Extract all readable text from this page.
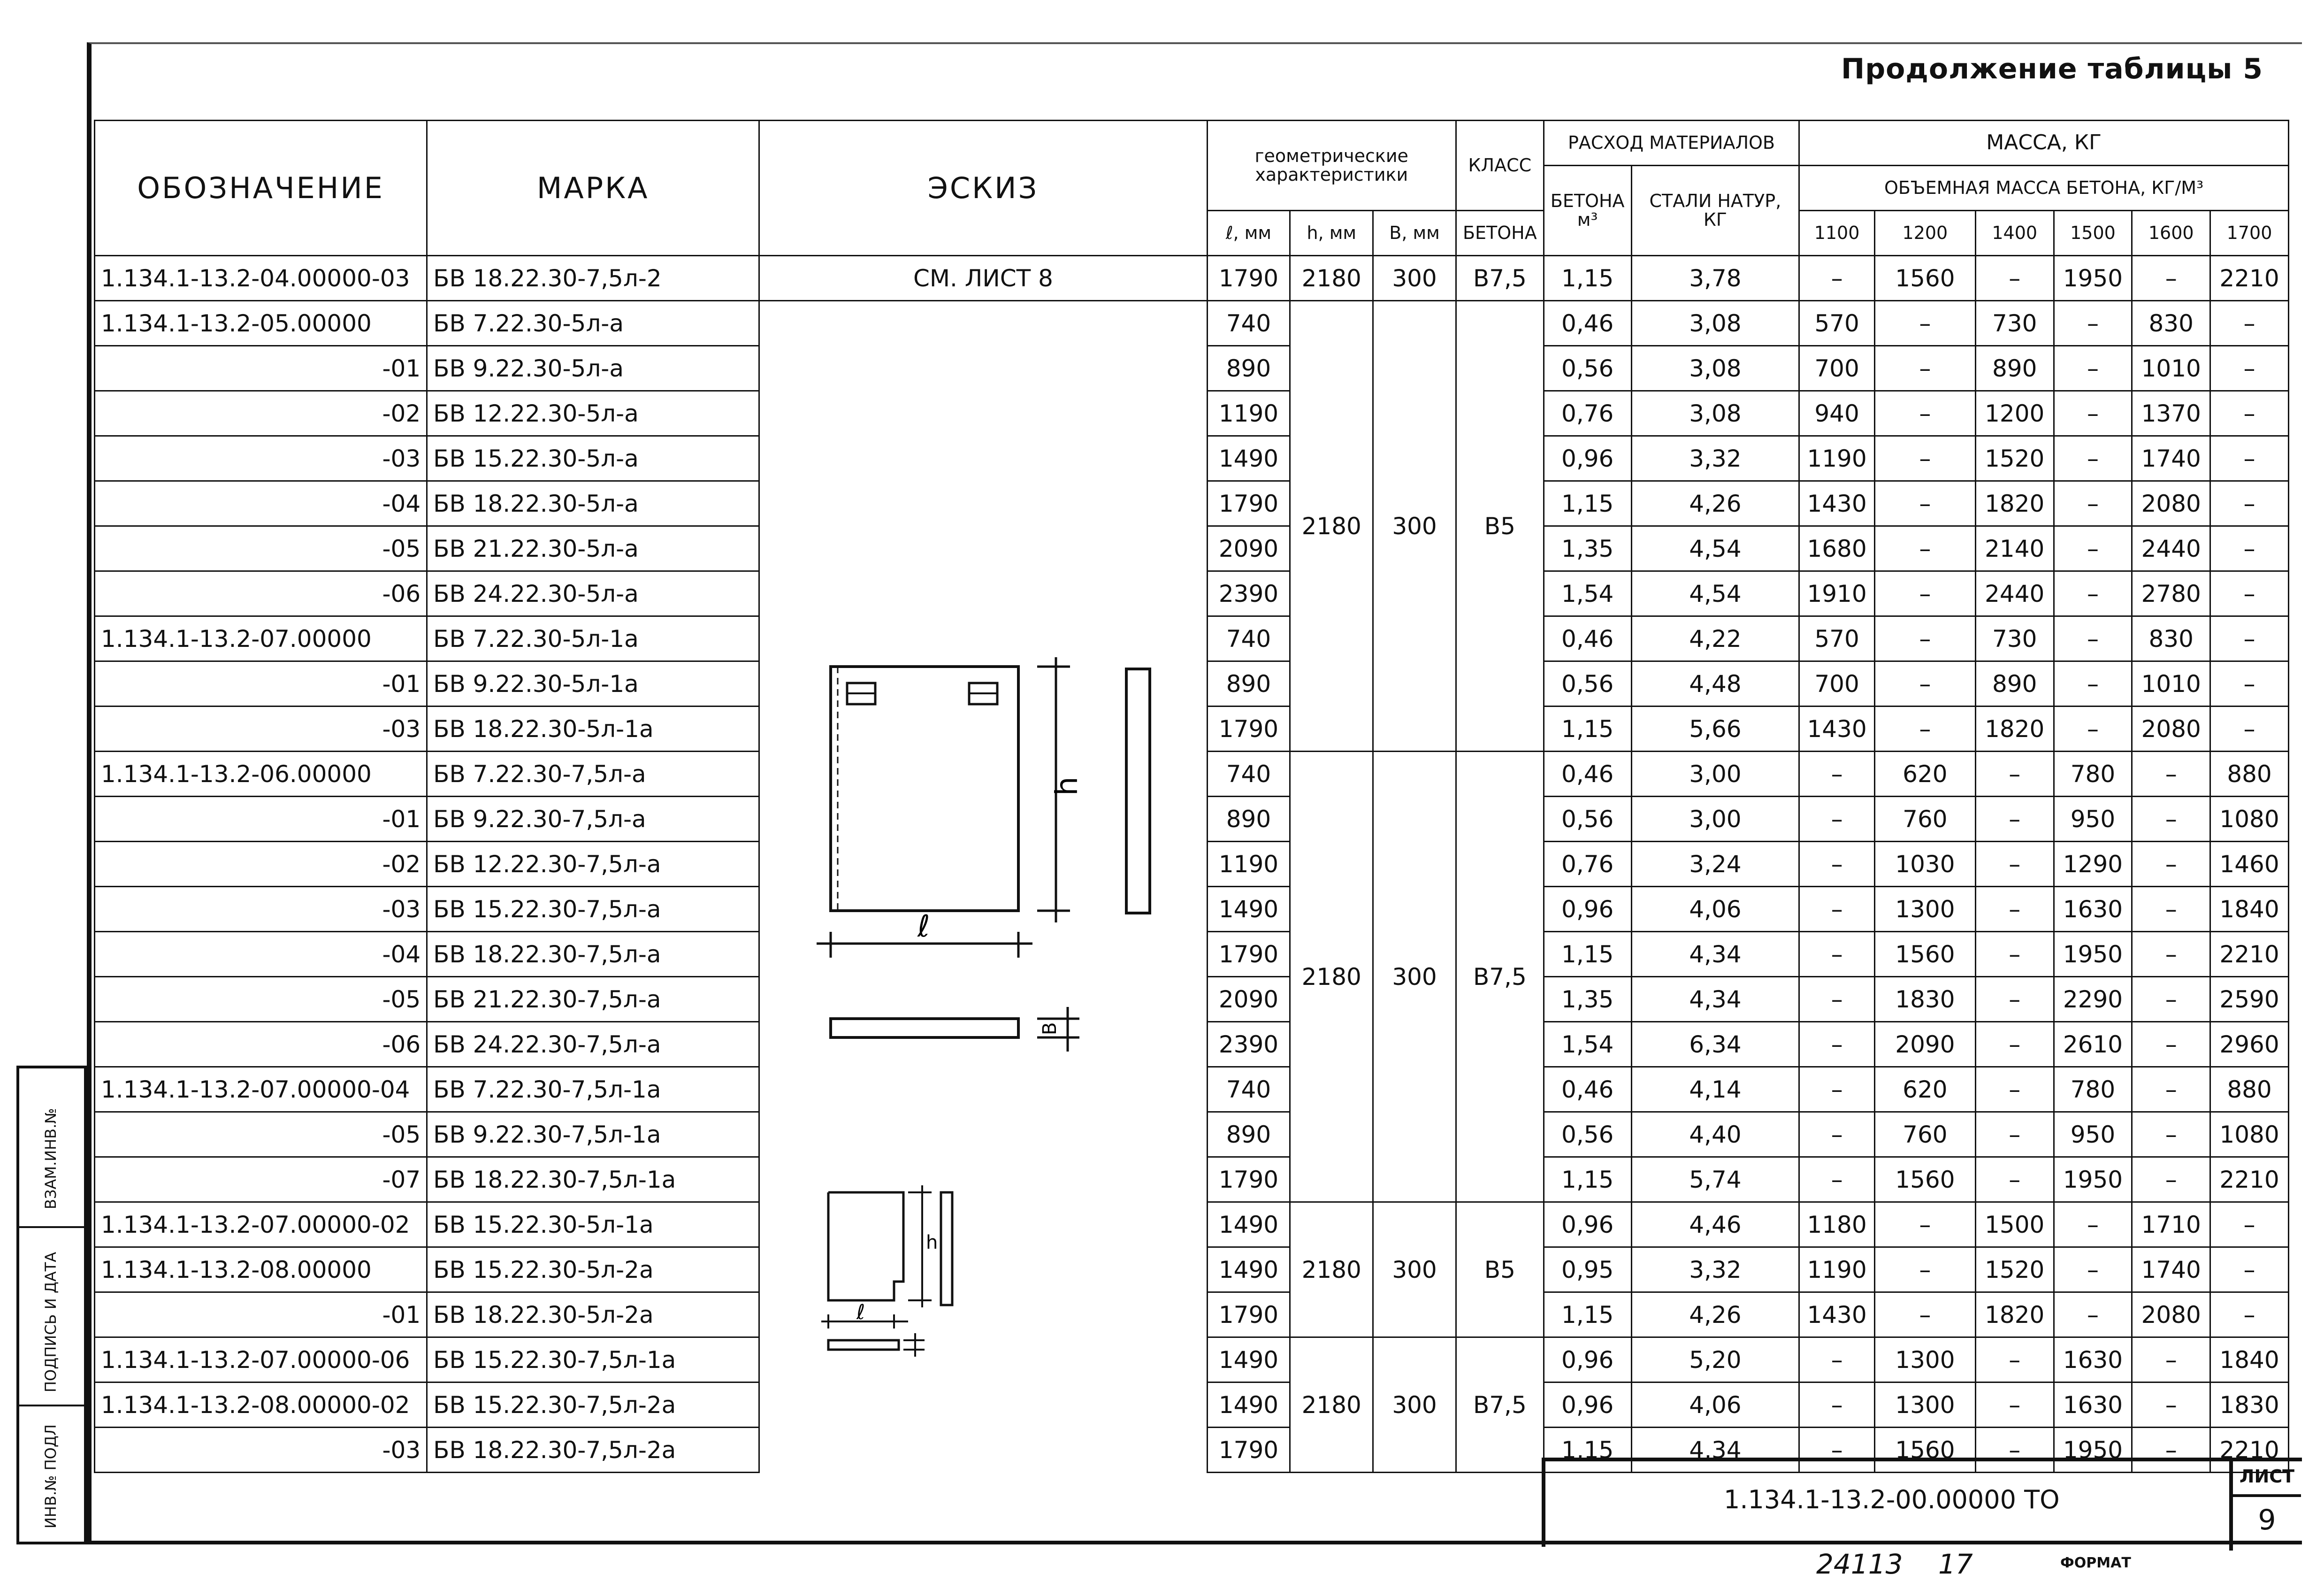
Продолжение таблицы 5
ОБОЗНАЧЕНИЕ	МАРКА	ЭСКИЗ	геометрические характеристики			КЛАСС	РАСХОД МАТЕРИАЛОВ		МАССА, КГ					
							БЕТОНА м³	СТАЛИ НАТУР, КГ	ОБЪЕМНАЯ МАССА БЕТОНА, КГ/М³					
			ℓ, мм	h, мм	B, мм	БЕТОНА			1100	1200	1400	1500	1600	1700
1.134.1-13.2-04.00000-03	БВ 18.22.30-7,5л-2	СМ. ЛИСТ 8	1790	2180	300	В7,5	1,15	3,78	–	1560	–	1950	–	2210
1.134.1-13.2-05.00000	БВ 7.22.30-5л-а		740	2180	300	В5	0,46	3,08	570	–	730	–	830	–
-01	БВ 9.22.30-5л-а		890				0,56	3,08	700	–	890	–	1010	–
-02	БВ 12.22.30-5л-а		1190				0,76	3,08	940	–	1200	–	1370	–
-03	БВ 15.22.30-5л-а		1490				0,96	3,32	1190	–	1520	–	1740	–
-04	БВ 18.22.30-5л-а		1790				1,15	4,26	1430	–	1820	–	2080	–
-05	БВ 21.22.30-5л-а		2090				1,35	4,54	1680	–	2140	–	2440	–
-06	БВ 24.22.30-5л-а		2390				1,54	4,54	1910	–	2440	–	2780	–
1.134.1-13.2-07.00000	БВ 7.22.30-5л-1а		740				0,46	4,22	570	–	730	–	830	–
-01	БВ 9.22.30-5л-1а		890				0,56	4,48	700	–	890	–	1010	–
-03	БВ 18.22.30-5л-1а		1790				1,15	5,66	1430	–	1820	–	2080	–
1.134.1-13.2-06.00000	БВ 7.22.30-7,5л-а		740	2180	300	В7,5	0,46	3,00	–	620	–	780	–	880
-01	БВ 9.22.30-7,5л-а		890				0,56	3,00	–	760	–	950	–	1080
-02	БВ 12.22.30-7,5л-а		1190				0,76	3,24	–	1030	–	1290	–	1460
-03	БВ 15.22.30-7,5л-а		1490				0,96	4,06	–	1300	–	1630	–	1840
-04	БВ 18.22.30-7,5л-а		1790				1,15	4,34	–	1560	–	1950	–	2210
-05	БВ 21.22.30-7,5л-а		2090				1,35	4,34	–	1830	–	2290	–	2590
-06	БВ 24.22.30-7,5л-а		2390				1,54	6,34	–	2090	–	2610	–	2960
1.134.1-13.2-07.00000-04	БВ 7.22.30-7,5л-1а		740				0,46	4,14	–	620	–	780	–	880
-05	БВ 9.22.30-7,5л-1а		890				0,56	4,40	–	760	–	950	–	1080
-07	БВ 18.22.30-7,5л-1а		1790				1,15	5,74	–	1560	–	1950	–	2210
1.134.1-13.2-07.00000-02	БВ 15.22.30-5л-1а		1490	2180	300	В5	0,96	4,46	1180	–	1500	–	1710	–
1.134.1-13.2-08.00000	БВ 15.22.30-5л-2а		1490				0,95	3,32	1190	–	1520	–	1740	–
-01	БВ 18.22.30-5л-2а		1790				1,15	4,26	1430	–	1820	–	2080	–
1.134.1-13.2-07.00000-06	БВ 15.22.30-7,5л-1а		1490	2180	300	В7,5	0,96	5,20	–	1300	–	1630	–	1840
1.134.1-13.2-08.00000-02	БВ 15.22.30-7,5л-2а		1490				0,96	4,06	–	1300	–	1630	–	1830
-03	БВ 18.22.30-7,5л-2а		1790				1,15	4,34	–	1560	–	1950	–	2210
h
ℓ
В
h
ℓ
ВЗАМ.ИНВ.№
ПОДПИСЬ И ДАТА
ИНВ.№ ПОДЛ	1.134.1-13.2-00.00000 ТО
ЛИСТ
9
24113 17	ФОРМАТ
